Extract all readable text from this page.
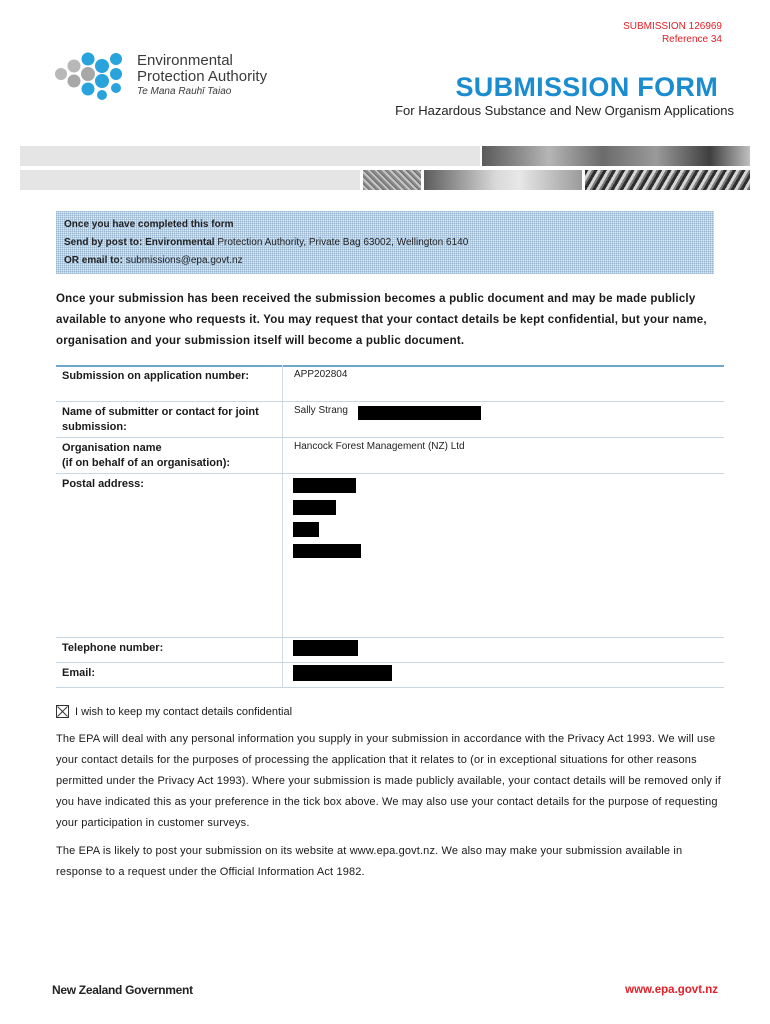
SUBMISSION 126969
Reference 34
Environmental
Protection Authority
Te Mana Rauhī Taiao	SUBMISSION FORM
For Hazardous Substance and New Organism Applications
Once you have completed this form
Send by post to: Environmental Protection Authority, Private Bag 63002, Wellington 6140
OR email to: submissions@epa.govt.nz
Once your submission has been received the submission becomes a public document and may be made publicly available to anyone who requests it. You may request that your contact details be kept confidential, but your name, organisation and your submission itself will become a public document.
Submission on application number:	APP202804
Name of submitter or contact for joint submission:
Sally Strang
Organisation name
(if on behalf of an organisation):
Hancock Forest Management (NZ) Ltd
Postal address:
Telephone number:
Email:
I wish to keep my contact details confidential

The EPA will deal with any personal information you supply in your submission in accordance with the Privacy Act 1993. We will use your contact details for the purposes of processing the application that it relates to (or in exceptional situations for other reasons permitted under the Privacy Act 1993). Where your submission is made publicly available, your contact details will be removed only if you have indicated this as your preference in the tick box above. We may also use your contact details for the purpose of requesting your participation in customer surveys.

The EPA is likely to post your submission on its website at www.epa.govt.nz. We also may make your submission available in response to a request under the Official Information Act 1982.

New Zealand Government	www.epa.govt.nz
